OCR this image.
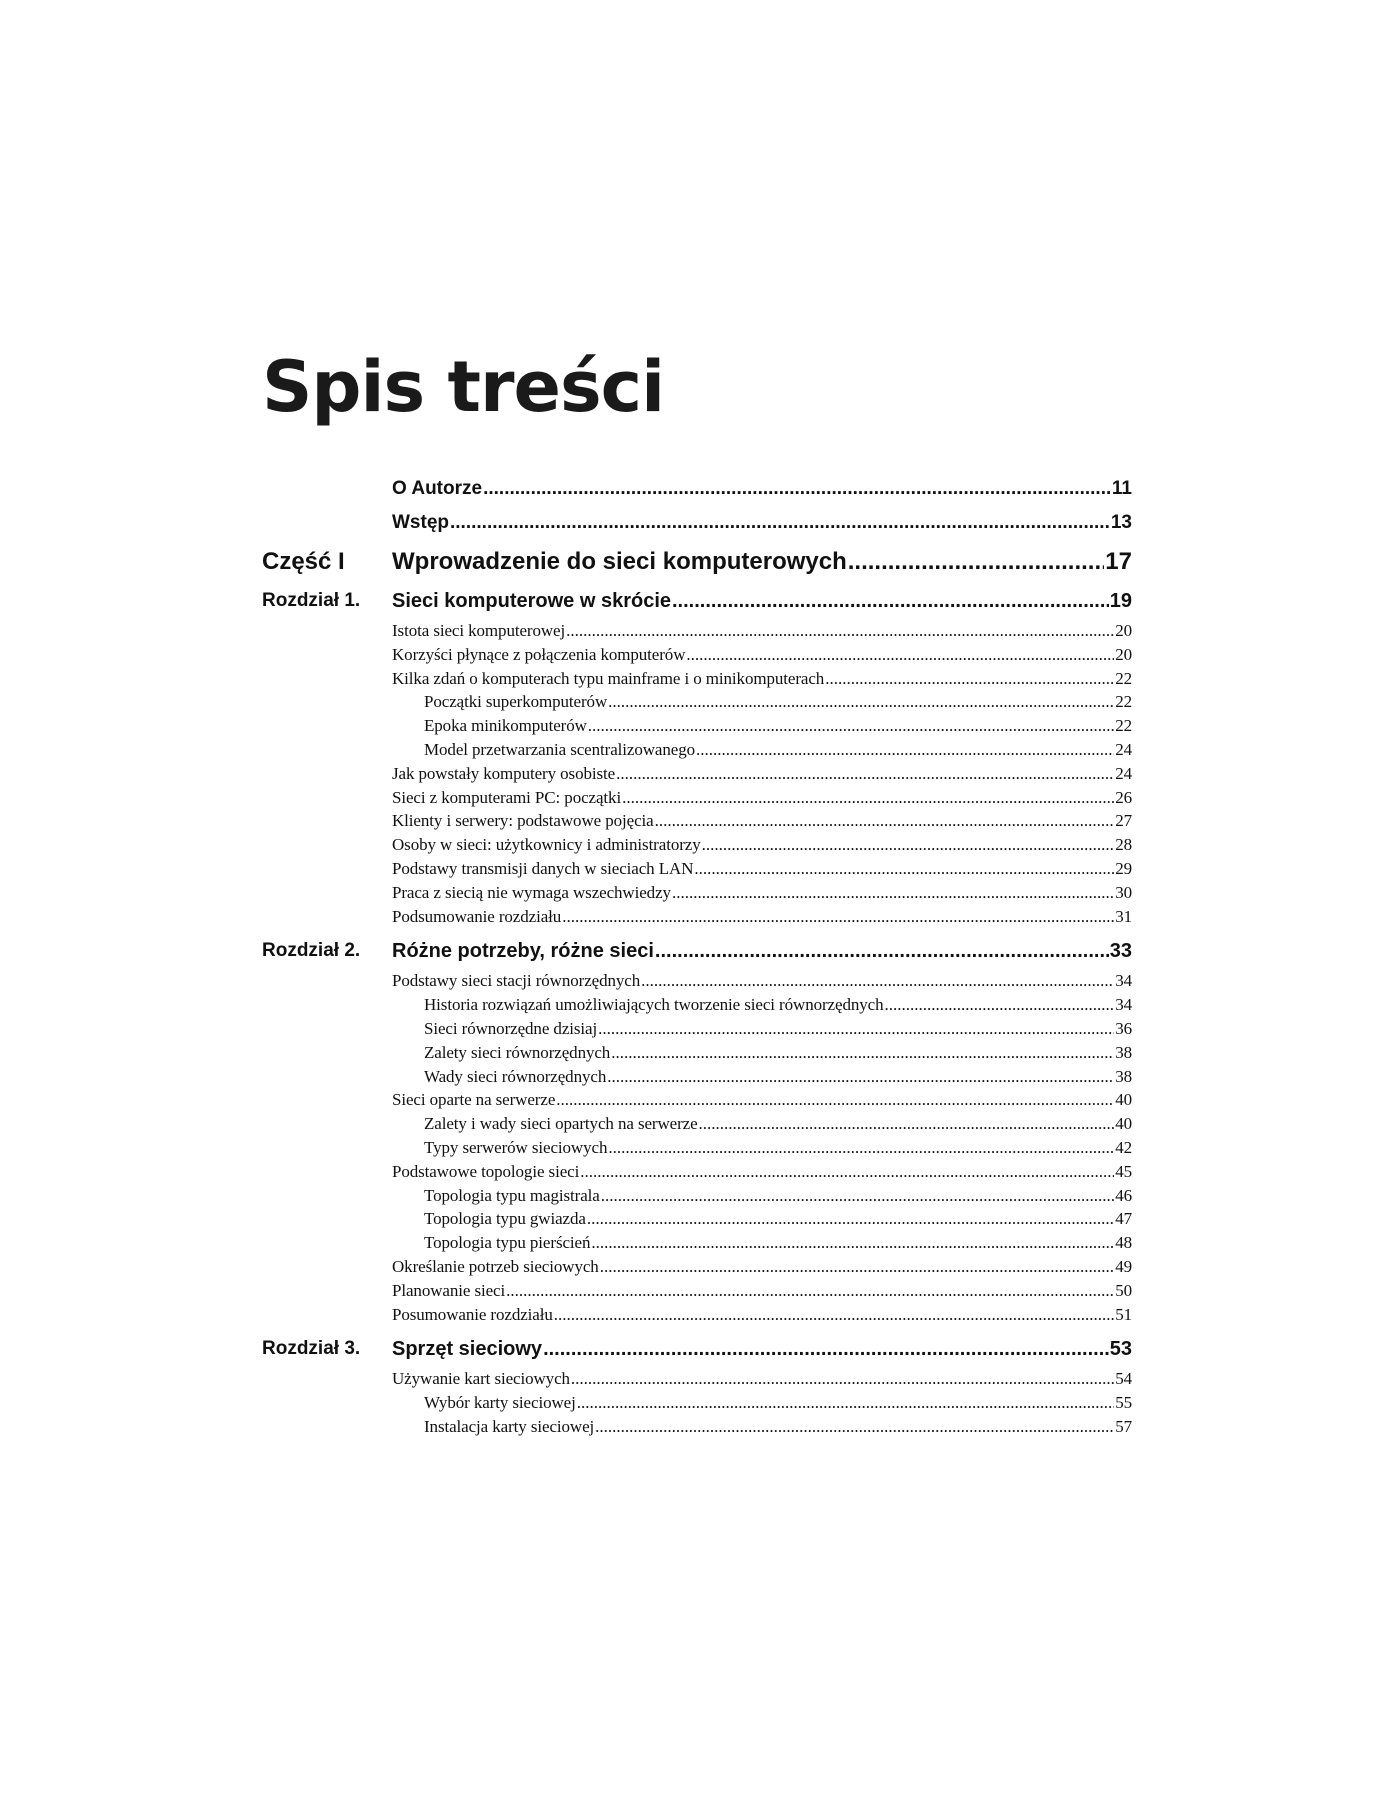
Spis treści
O Autorze .....	11
Wstęp .....	13
Część I Wprowadzenie do sieci komputerowych .....	17
Rozdział 1. Sieci komputerowe w skrócie .....	19
Istota sieci komputerowej .....	20
Korzyści płynące z połączenia komputerów .....	20
Kilka zdań o komputerach typu mainframe i o minikomputerach .....	22
Początki superkomputerów .....	22
Epoka minikomputerów .....	22
Model przetwarzania scentralizowanego .....	24
Jak powstały komputery osobiste .....	24
Sieci z komputerami PC: początki .....	26
Klienty i serwery: podstawowe pojęcia .....	27
Osoby w sieci: użytkownicy i administratorzy .....	28
Podstawy transmisji danych w sieciach LAN .....	29
Praca z siecią nie wymaga wszechwiedzy .....	30
Podsumowanie rozdziału .....	31
Rozdział 2. Różne potrzeby, różne sieci .....	33
Podstawy sieci stacji równorzędnych .....	34
Historia rozwiązań umożliwiających tworzenie sieci równorzędnych .....	34
Sieci równorzędne dzisiaj .....	36
Zalety sieci równorzędnych .....	38
Wady sieci równorzędnych .....	38
Sieci oparte na serwerze .....	40
Zalety i wady sieci opartych na serwerze .....	40
Typy serwerów sieciowych .....	42
Podstawowe topologie sieci .....	45
Topologia typu magistrala .....	46
Topologia typu gwiazda .....	47
Topologia typu pierścień .....	48
Określanie potrzeb sieciowych .....	49
Planowanie sieci .....	50
Posumowanie rozdziału .....	51
Rozdział 3. Sprzęt sieciowy .....	53
Używanie kart sieciowych .....	54
Wybór karty sieciowej .....	55
Instalacja karty sieciowej .....	57
